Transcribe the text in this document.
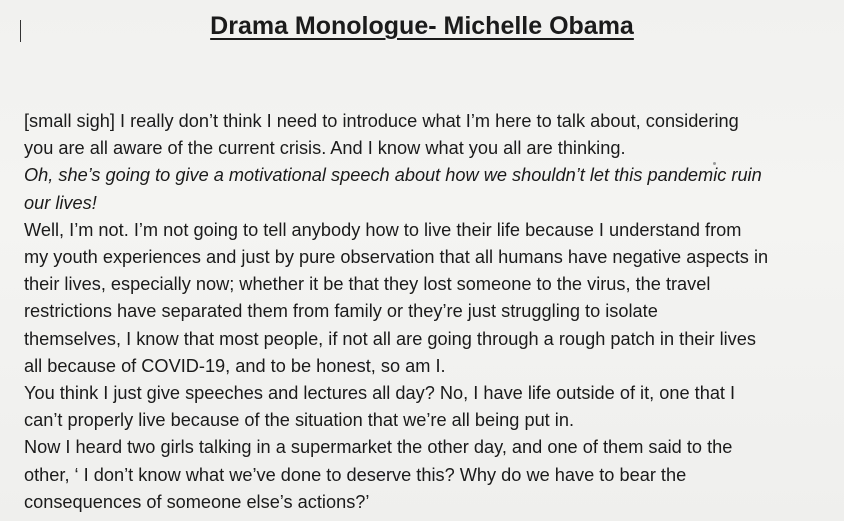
Drama Monologue- Michelle Obama
[small sigh] I really don’t think I need to introduce what I’m here to talk about, considering
you are all aware of the current crisis. And I know what you all are thinking.
Oh, she’s going to give a motivational speech about how we shouldn’t let this pandemic ruin
our lives!
Well, I’m not. I’m not going to tell anybody how to live their life because I understand from
my youth experiences and just by pure observation that all humans have negative aspects in
their lives, especially now; whether it be that they lost someone to the virus, the travel
restrictions have separated them from family or they’re just struggling to isolate
themselves, I know that most people, if not all are going through a rough patch in their lives
all because of COVID-19, and to be honest, so am I.
You think I just give speeches and lectures all day? No, I have life outside of it, one that I
can’t properly live because of the situation that we’re all being put in.
Now I heard two girls talking in a supermarket the other day, and one of them said to the
other, ‘ I don’t know what we’ve done to deserve this? Why do we have to bear the
consequences of someone else’s actions?’
